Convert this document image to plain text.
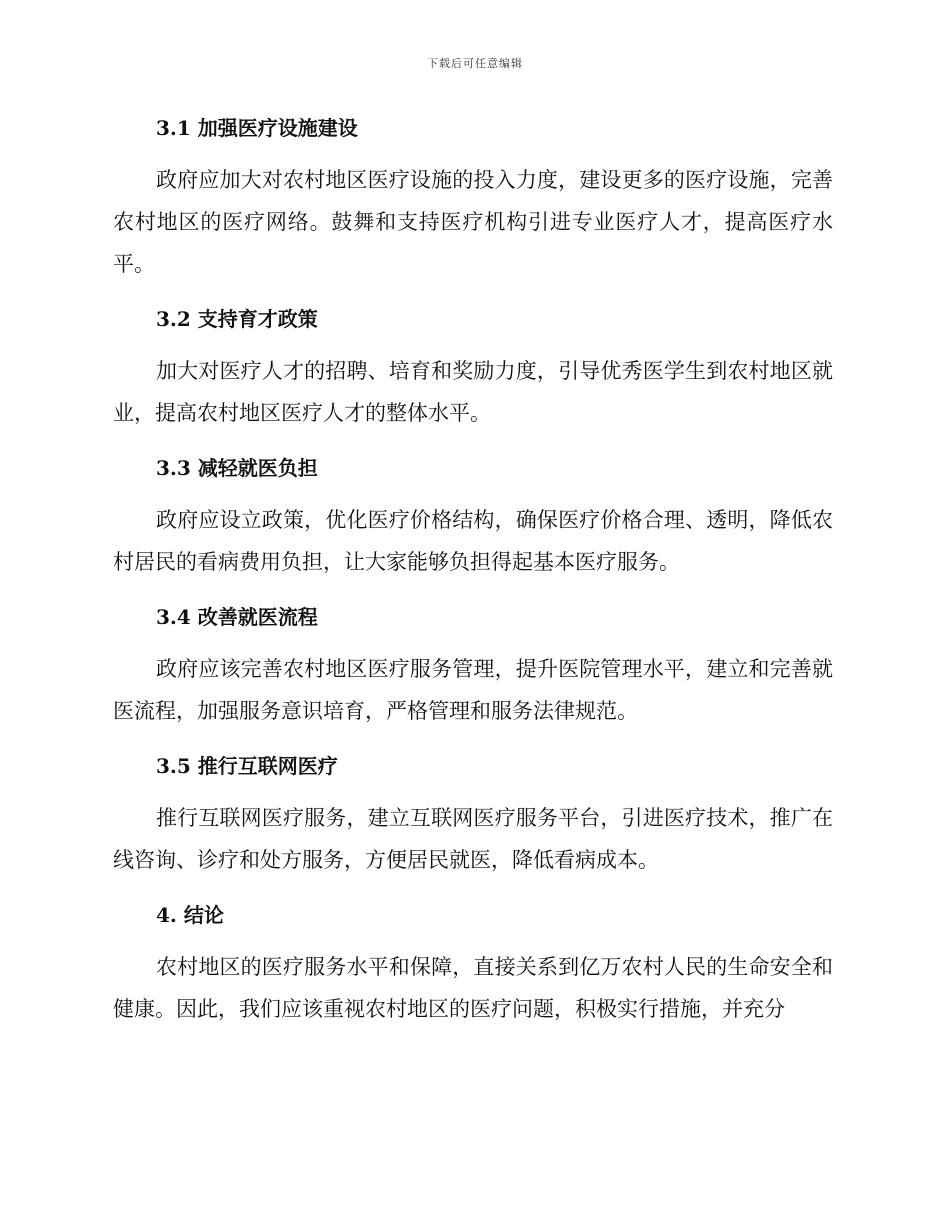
下载后可任意编辑
3.1 加强医疗设施建设

政府应加大对农村地区医疗设施的投入力度，建设更多的医疗设施，完善农村地区的医疗网络。鼓舞和支持医疗机构引进专业医疗人才，提高医疗水平。

3.2 支持育才政策

加大对医疗人才的招聘、培育和奖励力度，引导优秀医学生到农村地区就业，提高农村地区医疗人才的整体水平。

3.3 减轻就医负担

政府应设立政策，优化医疗价格结构，确保医疗价格合理、透明，降低农村居民的看病费用负担，让大家能够负担得起基本医疗服务。

3.4 改善就医流程

政府应该完善农村地区医疗服务管理，提升医院管理水平，建立和完善就医流程，加强服务意识培育，严格管理和服务法律规范。

3.5 推行互联网医疗

推行互联网医疗服务，建立互联网医疗服务平台，引进医疗技术，推广在线咨询、诊疗和处方服务，方便居民就医，降低看病成本。

4. 结论

农村地区的医疗服务水平和保障，直接关系到亿万农村人民的生命安全和健康。因此，我们应该重视农村地区的医疗问题，积极实行措施，并充分
